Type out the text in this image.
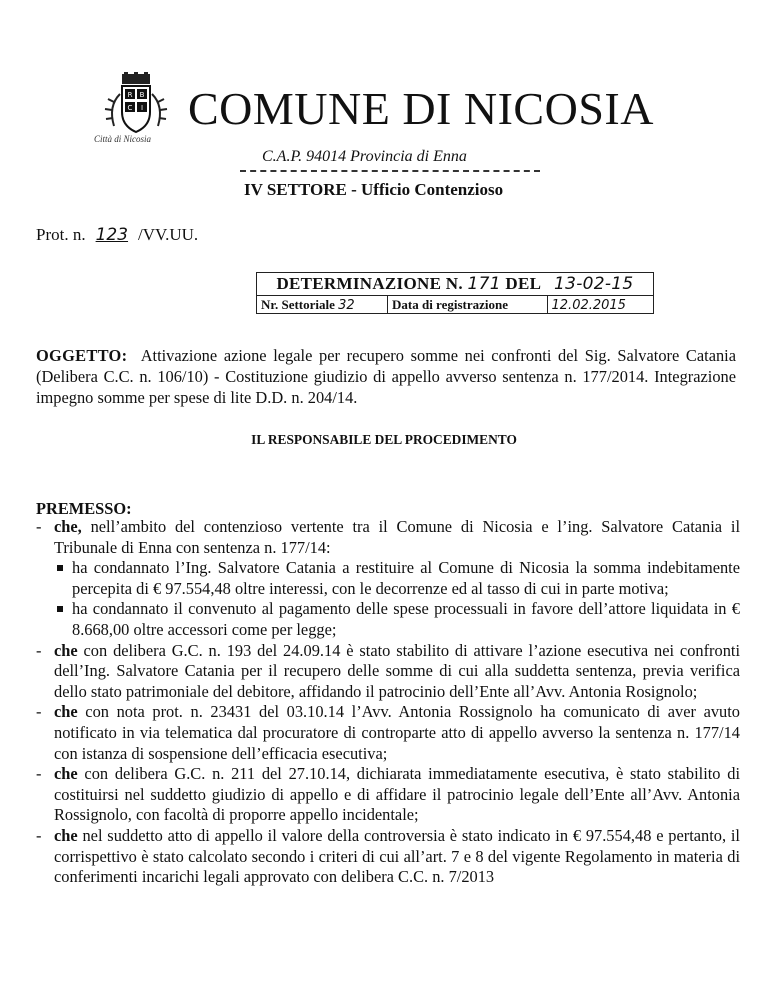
R B
C I
Città di Nicosia
COMUNE DI NICOSIA
C.A.P. 94014 Provincia di Enna
IV SETTORE - Ufficio Contenzioso
Prot. n. 123 /VV.UU.
DETERMINAZIONE N. 171 DEL 13-02-15
Nr. Settoriale 32	Data di registrazione	12.02.2015
OGGETTO: Attivazione azione legale per recupero somme nei confronti del Sig. Salvatore Catania (Delibera C.C. n. 106/10) - Costituzione giudizio di appello avverso sentenza n. 177/2014. Integrazione impegno somme per spese di lite D.D. n. 204/14.
IL RESPONSABILE DEL PROCEDIMENTO
PREMESSO:
- che, nell’ambito del contenzioso vertente tra il Comune di Nicosia e l’ing. Salvatore Catania il Tribunale di Enna con sentenza n. 177/14:
ha condannato l’Ing. Salvatore Catania a restituire al Comune di Nicosia la somma indebitamente percepita di € 97.554,48 oltre interessi, con le decorrenze ed al tasso di cui in parte motiva;
ha condannato il convenuto al pagamento delle spese processuali in favore dell’attore liquidata in € 8.668,00 oltre accessori come per legge;
- che con delibera G.C. n. 193 del 24.09.14 è stato stabilito di attivare l’azione esecutiva nei confronti dell’Ing. Salvatore Catania per il recupero delle somme di cui alla suddetta sentenza, previa verifica dello stato patrimoniale del debitore, affidando il patrocinio dell’Ente all’Avv. Antonia Rosignolo;
- che con nota prot. n. 23431 del 03.10.14 l’Avv. Antonia Rossignolo ha comunicato di aver avuto notificato in via telematica dal procuratore di controparte atto di appello avverso la sentenza n. 177/14 con istanza di sospensione dell’efficacia esecutiva;
- che con delibera G.C. n. 211 del 27.10.14, dichiarata immediatamente esecutiva, è stato stabilito di costituirsi nel suddetto giudizio di appello e di affidare il patrocinio legale dell’Ente all’Avv. Antonia Rossignolo, con facoltà di proporre appello incidentale;
- che nel suddetto atto di appello il valore della controversia è stato indicato in € 97.554,48 e pertanto, il corrispettivo è stato calcolato secondo i criteri di cui all’art. 7 e 8 del vigente Regolamento in materia di conferimenti incarichi legali approvato con delibera C.C. n. 7/2013
